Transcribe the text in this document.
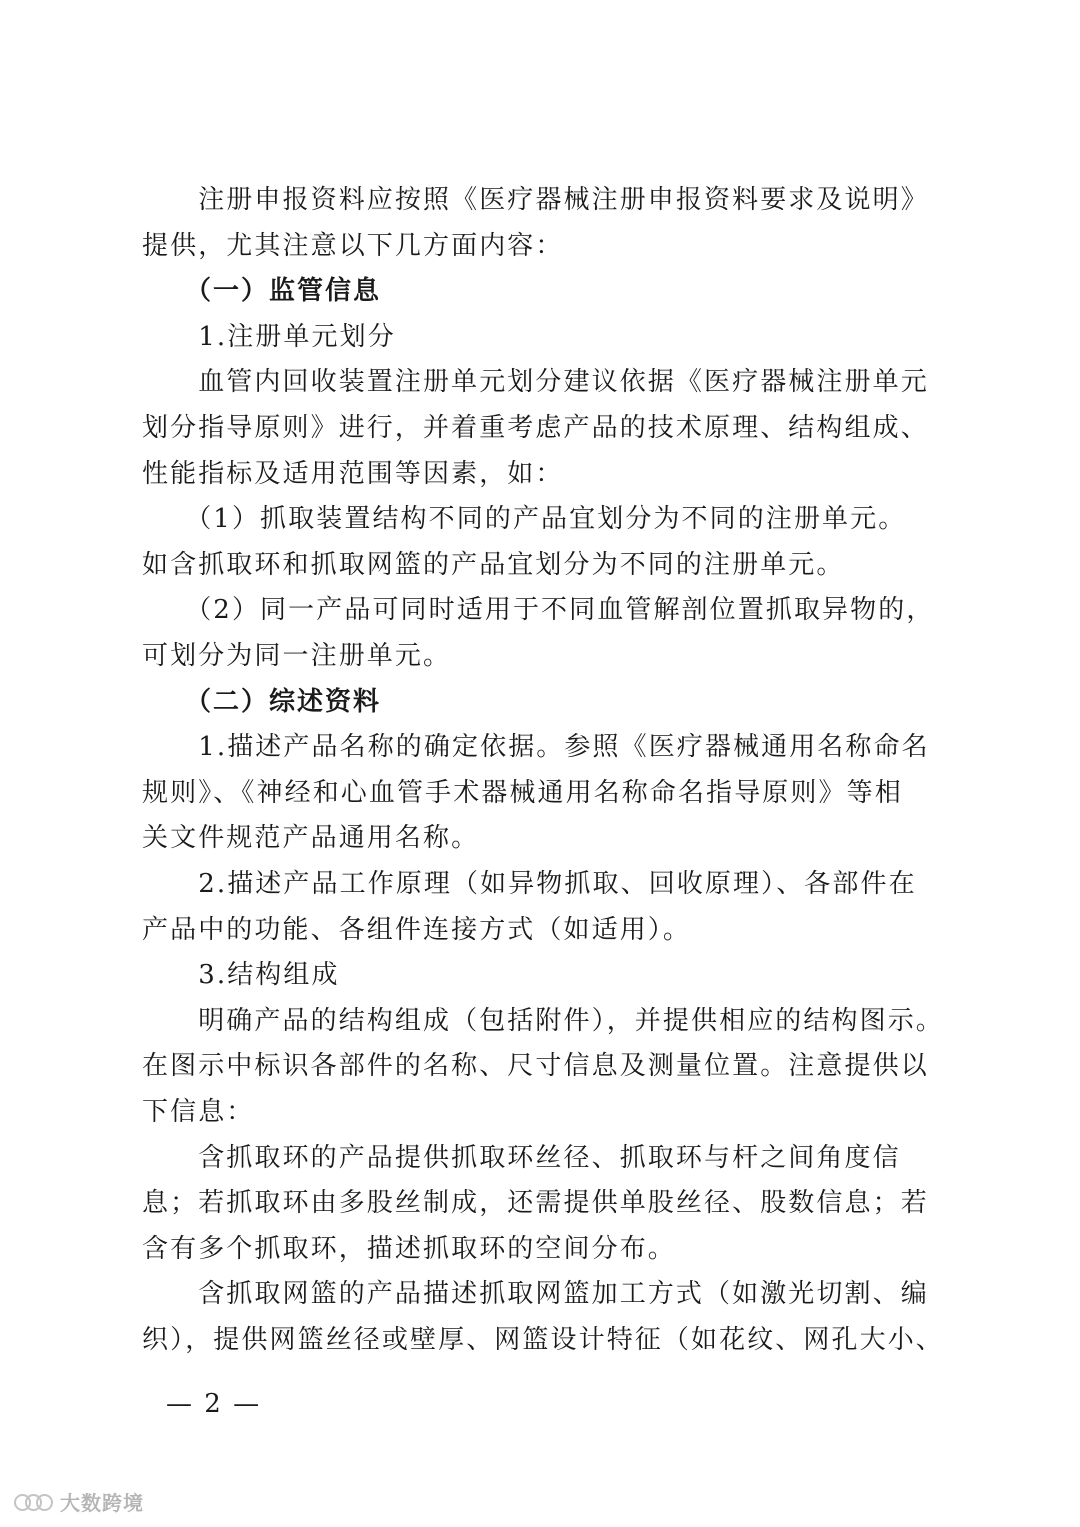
　　注册申报资料应按照《医疗器械注册申报资料要求及说明》
提供，尤其注意以下几方面内容：
　　（一）监管信息
　　1.注册单元划分
　　血管内回收装置注册单元划分建议依据《医疗器械注册单元
划分指导原则》进行，并着重考虑产品的技术原理、结构组成、
性能指标及适用范围等因素，如：
　　（1）抓取装置结构不同的产品宜划分为不同的注册单元。
如含抓取环和抓取网篮的产品宜划分为不同的注册单元。
　　（2）同一产品可同时适用于不同血管解剖位置抓取异物的，
可划分为同一注册单元。
　　（二）综述资料
　　1.描述产品名称的确定依据。参照《医疗器械通用名称命名
规则》、《神经和心血管手术器械通用名称命名指导原则》等相
关文件规范产品通用名称。
　　2.描述产品工作原理（如异物抓取、回收原理）、各部件在
产品中的功能、各组件连接方式（如适用）。
　　3.结构组成
　　明确产品的结构组成（包括附件），并提供相应的结构图示。
在图示中标识各部件的名称、尺寸信息及测量位置。注意提供以
下信息：
　　含抓取环的产品提供抓取环丝径、抓取环与杆之间角度信
息；若抓取环由多股丝制成，还需提供单股丝径、股数信息；若
含有多个抓取环，描述抓取环的空间分布。
　　含抓取网篮的产品描述抓取网篮加工方式（如激光切割、编
织），提供网篮丝径或壁厚、网篮设计特征（如花纹、网孔大小、
— 2 —
大数跨境
